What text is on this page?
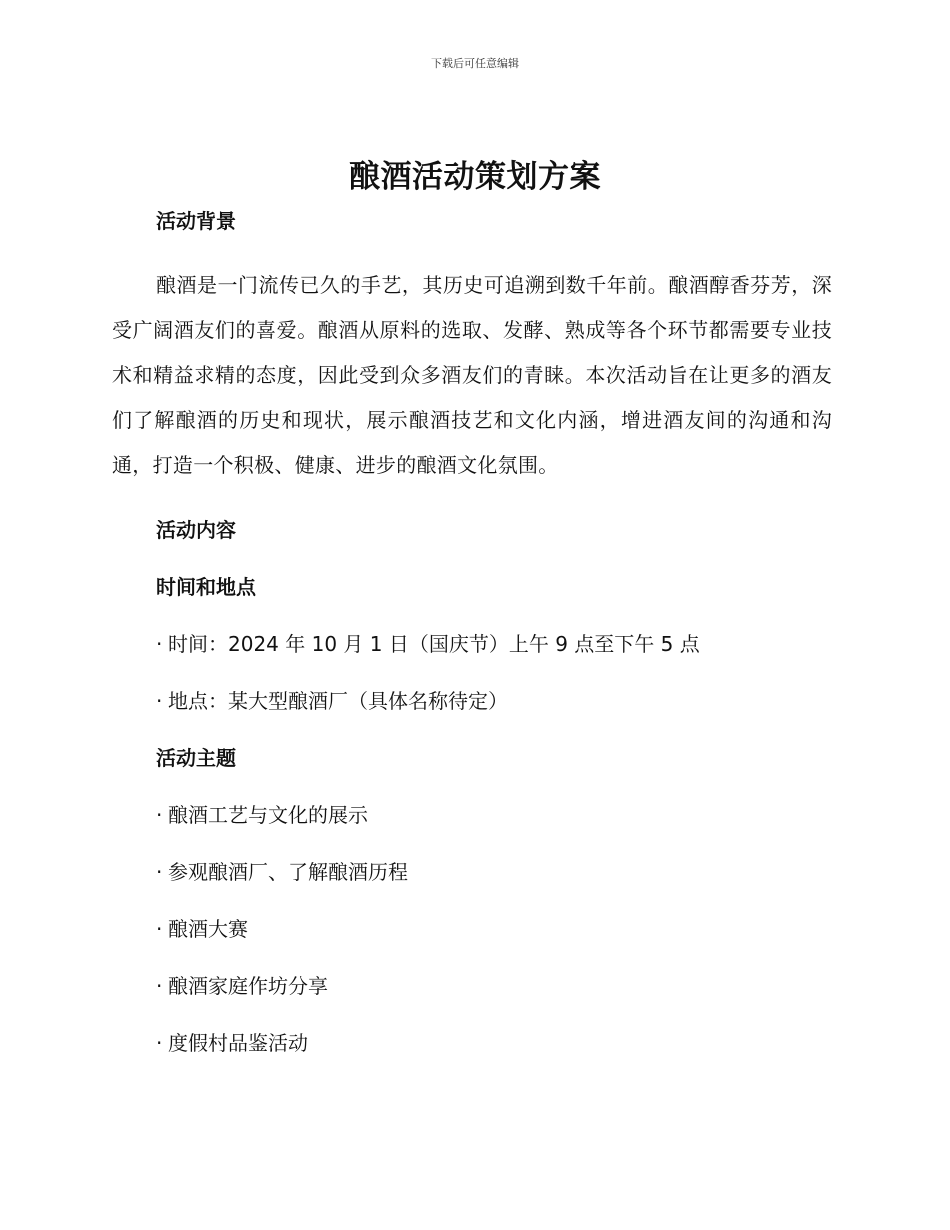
下载后可任意编辑
酿酒活动策划方案
活动背景

酿酒是一门流传已久的手艺，其历史可追溯到数千年前。酿酒醇香芬芳，深受广阔酒友们的喜爱。酿酒从原料的选取、发酵、熟成等各个环节都需要专业技术和精益求精的态度，因此受到众多酒友们的青睐。本次活动旨在让更多的酒友们了解酿酒的历史和现状，展示酿酒技艺和文化内涵，增进酒友间的沟通和沟通，打造一个积极、健康、进步的酿酒文化氛围。

活动内容
时间和地点
· 时间：2024 年 10 月 1 日（国庆节）上午 9 点至下午 5 点
· 地点：某大型酿酒厂（具体名称待定）
活动主题
· 酿酒工艺与文化的展示
· 参观酿酒厂、了解酿酒历程
· 酿酒大赛
· 酿酒家庭作坊分享
· 度假村品鉴活动
